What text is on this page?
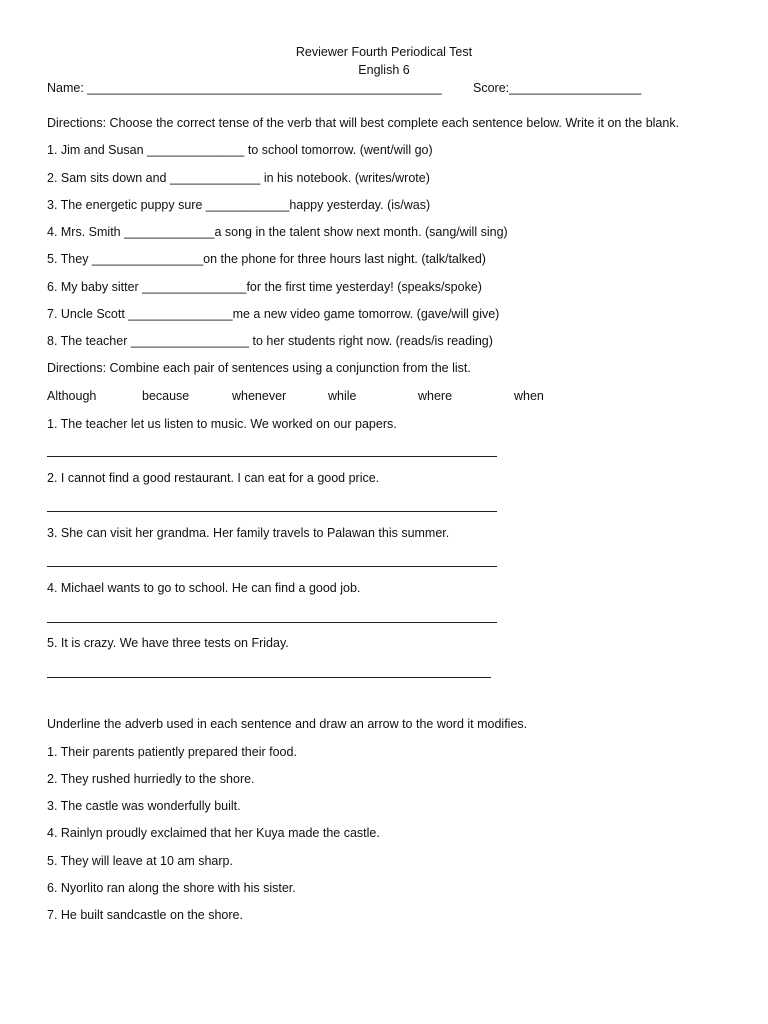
Reviewer Fourth Periodical Test
English 6
Name: ___________________________________________________ Score:___________________
Directions: Choose the correct tense of the verb that will best complete each sentence below. Write it on the blank.
1. Jim and Susan ______________ to school tomorrow. (went/will go)
2. Sam sits down and _____________ in his notebook. (writes/wrote)
3. The energetic puppy sure ____________happy yesterday. (is/was)
4. Mrs. Smith _____________a song in the talent show next month. (sang/will sing)
5. They ________________on the phone for three hours last night. (talk/talked)
6. My baby sitter _______________for the first time yesterday! (speaks/spoke)
7. Uncle Scott _______________me a new video game tomorrow. (gave/will give)
8. The teacher _________________ to her students right now. (reads/is reading)
Directions: Combine each pair of sentences using a conjunction from the list.
Although	because	whenever	while	where	when
1. The teacher let us listen to music. We worked on our papers.
2. I cannot find a good restaurant. I can eat for a good price.
3. She can visit her grandma. Her family travels to Palawan this summer.
4. Michael wants to go to school. He can find a good job.
5. It is crazy. We have three tests on Friday.
Underline the adverb used in each sentence and draw an arrow to the word it modifies.
1. Their parents patiently prepared their food.
2. They rushed hurriedly to the shore.
3. The castle was wonderfully built.
4. Rainlyn proudly exclaimed that her Kuya made the castle.
5. They will leave at 10 am sharp.
6. Nyorlito ran along the shore with his sister.
7. He built sandcastle on the shore.
